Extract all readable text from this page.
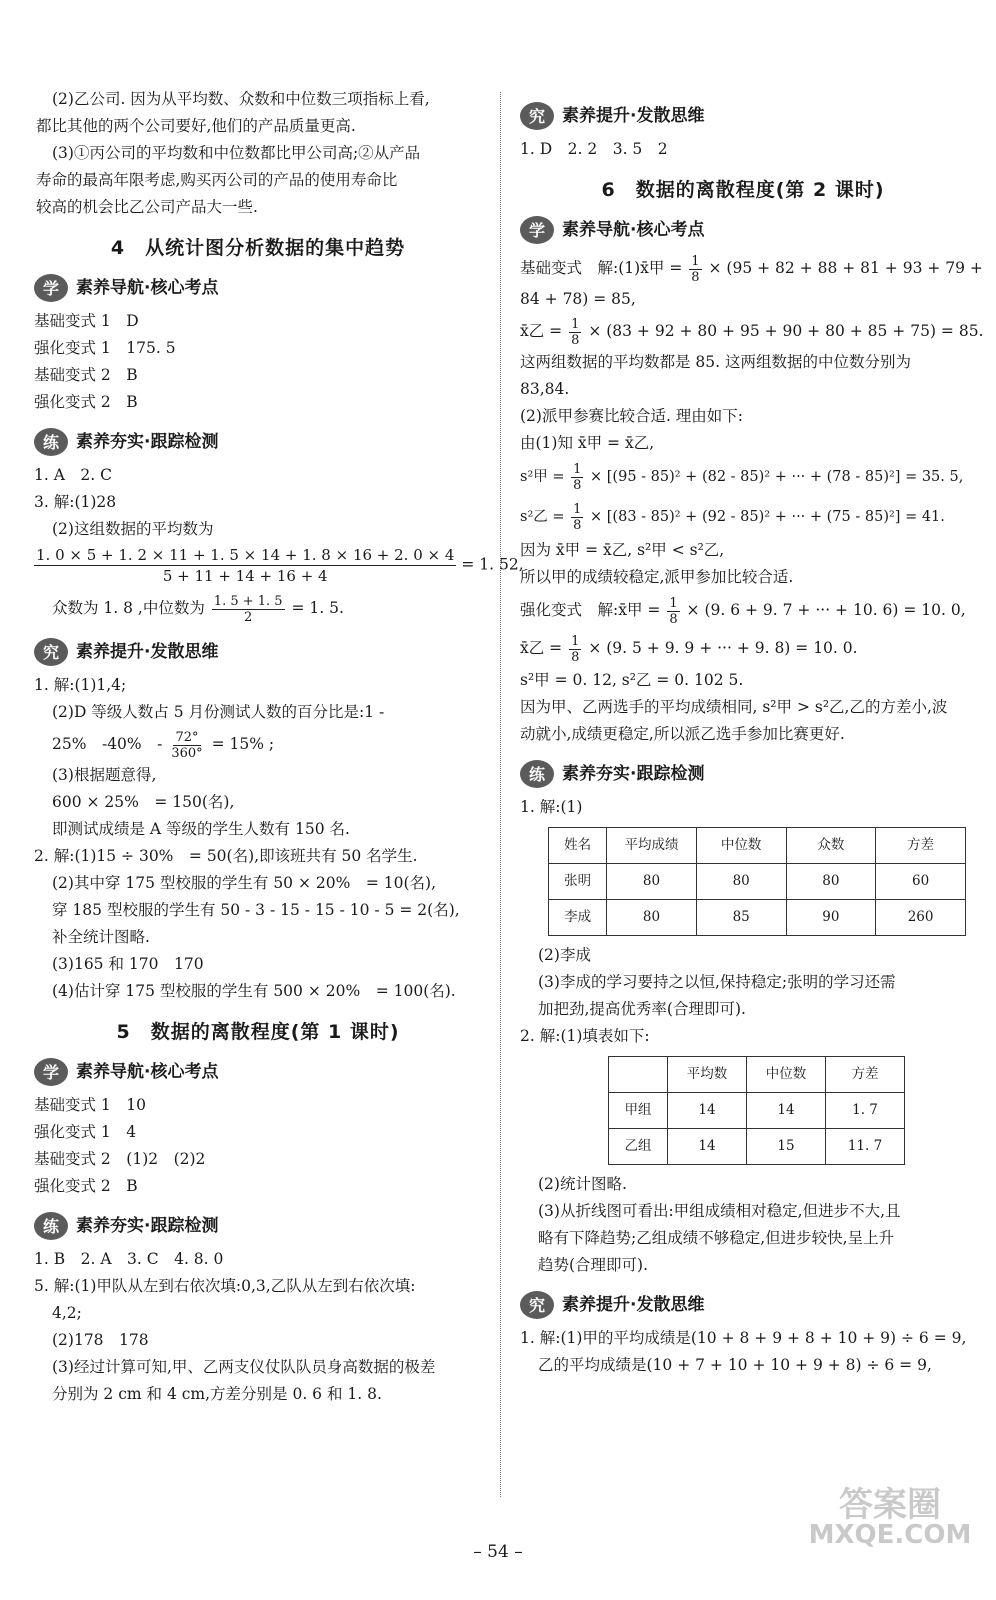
(2)乙公司. 因为从平均数、众数和中位数三项指标上看,

都比其他的两个公司要好,他们的产品质量更高.

(3)①丙公司的平均数和中位数都比甲公司高;②从产品

寿命的最高年限考虑,购买丙公司的产品的使用寿命比

较高的机会比乙公司产品大一些.

4　从统计图分析数据的集中趋势
学	素养导航·核心考点

基础变式 1　D

强化变式 1　175. 5

基础变式 2　B

强化变式 2　B

练	素养夯实·跟踪检测

1. A　2. C

3. 解:(1)28

(2)这组数据的平均数为

$\frac{1. 0 \times 5 + 1. 2 \times 11 + 1. 5 \times 14 + 1. 8 \times 16 + 2. 0 \times 4}{5 + 11 + 14 + 16 + 4} = 1$. 52,

众数为 1. 8 ,中位数为 $\frac{1. 5 + 1. 5}{2} = 1$. 5.

究	素养提升·发散思维

1. 解:(1)1,4;

(2)D 等级人数占 5 月份测试人数的百分比是:1 -

25%　-40%　- $\frac{72^\circ}{360^\circ} = 15\%$ ;

(3)根据题意得,

600 × 25%　= 150(名),

即测试成绩是 A 等级的学生人数有 150 名.

2. 解:(1)15 ÷ 30%　= 50(名),即该班共有 50 名学生.

(2)其中穿 175 型校服的学生有 50 × 20%　= 10(名),

穿 185 型校服的学生有 50 - 3 - 15 - 15 - 10 - 5 = 2(名),

补全统计图略.

(3)165 和 170　170

(4)估计穿 175 型校服的学生有 500 × 20%　= 100(名).

5　数据的离散程度(第 1 课时)
学	素养导航·核心考点

基础变式 1　10

强化变式 1　4

基础变式 2　(1)2　(2)2

强化变式 2　B

练	素养夯实·跟踪检测

1. B　2. A　3. C　4. 8. 0

5. 解:(1)甲队从左到右依次填:0,3,乙队从左到右依次填:

4,2;

(2)178　178

(3)经过计算可知,甲、乙两支仪仗队队员身高数据的极差

分别为 2 cm 和 4 cm,方差分别是 0. 6 和 1. 8.

究	素养提升·发散思维

1. D　2. 2　3. 5　2

6　数据的离散程度(第 2 课时)
学	素养导航·核心考点

基础变式　解:(1)x̄甲 = $\frac{1}{8} \times (95 + 82 + 88 + 81 + 93 + 79$ +

84 + 78) = 85,

x̄乙 = $\frac{1}{8} \times (83 + 92 + 80 + 95 + 90 + 80 + 85 + 75) = 85$.

这两组数据的平均数都是 85. 这两组数据的中位数分别为

83,84.

(2)派甲参赛比较合适. 理由如下:

由(1)知 x̄甲 = x̄乙,

s²甲 = $\frac{1}{8} \times [(95 - 85)^2 + (82 - 85)^2$ + ··· + (78 - 85)²] = 35. 5,

s²乙 = $\frac{1}{8} \times [(83 - 85)^2 + (92 - 85)^2$ + ··· + (75 - 85)²] = 41.

因为 x̄甲 = x̄乙, s²甲 < s²乙,

所以甲的成绩较稳定,派甲参加比较合适.

强化变式　解:x̄甲 = $\frac{1}{8} \times (9$. 6 + 9. 7 + ··· + 10. 6) = 10. 0,

x̄乙 = $\frac{1}{8} \times (9$. 5 + 9. 9 + ··· + 9. 8) = 10. 0.

s²甲 = 0. 12, s²乙 = 0. 102 5.

因为甲、乙两选手的平均成绩相同, s²甲 > s²乙,乙的方差小,波

动就小,成绩更稳定,所以派乙选手参加比赛更好.

练	素养夯实·跟踪检测

1. 解:(1)

姓名	平均成绩	中位数	众数	方差
张明	80	80	80	60
李成	80	85	90	260

(2)李成

(3)李成的学习要持之以恒,保持稳定;张明的学习还需

加把劲,提高优秀率(合理即可).

2. 解:(1)填表如下:

	平均数	中位数	方差
甲组	14	14	1. 7
乙组	14	15	11. 7

(2)统计图略.

(3)从折线图可看出:甲组成绩相对稳定,但进步不大,且

略有下降趋势;乙组成绩不够稳定,但进步较快,呈上升

趋势(合理即可).

究	素养提升·发散思维

1. 解:(1)甲的平均成绩是(10 + 8 + 9 + 8 + 10 + 9) ÷ 6 = 9,

乙的平均成绩是(10 + 7 + 10 + 10 + 9 + 8) ÷ 6 = 9,

– 54 –
答案圈
MXQE.COM
